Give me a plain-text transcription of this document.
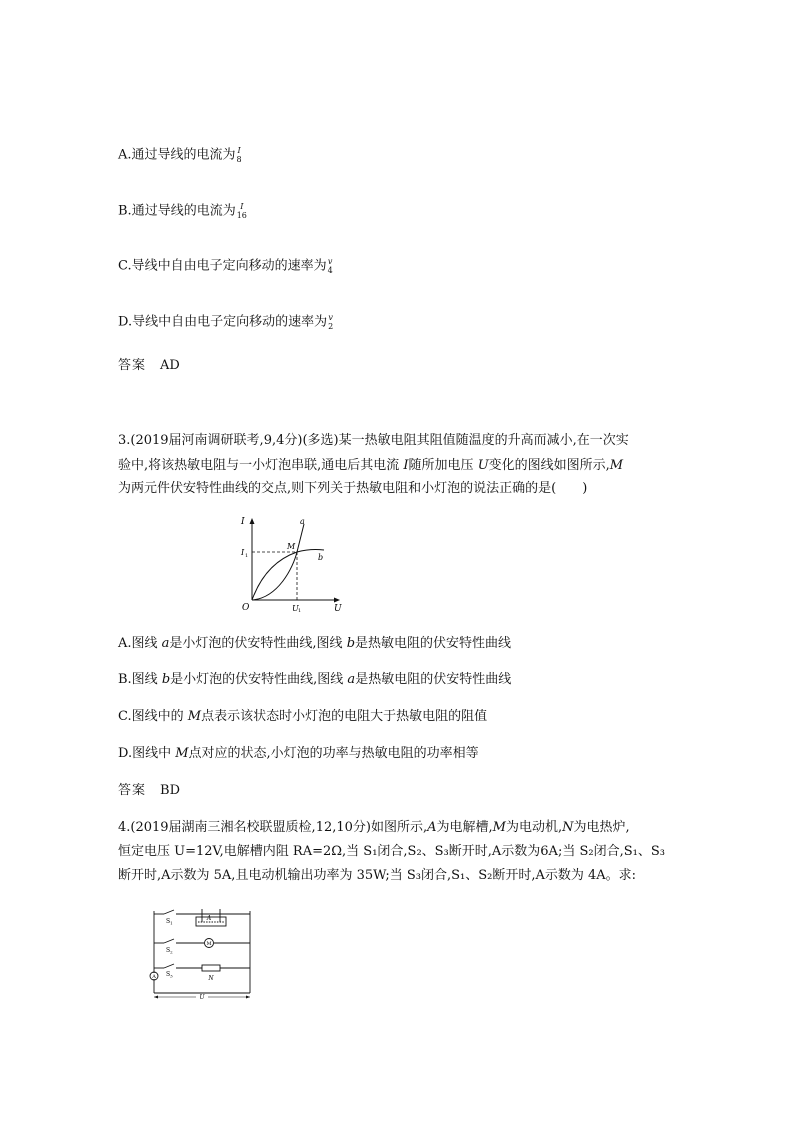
A.通过导线的电流为 I
8
B.通过导线的电流为 I
16
C.导线中自由电子定向移动的速率为 v
4
D.导线中自由电子定向移动的速率为 v
2
答案 AD
3.(2019届河南调研联考,9,4分)(多选)某一热敏电阻其阻值随温度的升高而减小,在一次实
验中,将该热敏电阻与一小灯泡串联,通电后其电流 I随所加电压 U变化的图线如图所示,M
为两元件伏安特性曲线的交点,则下列关于热敏电阻和小灯泡的说法正确的是(　　)
I
U
O
a
b
M
I 1
U 1
A.图线 a是小灯泡的伏安特性曲线,图线 b是热敏电阻的伏安特性曲线
B.图线 b是小灯泡的伏安特性曲线,图线 a是热敏电阻的伏安特性曲线
C.图线中的 M点表示该状态时小灯泡的电阻大于热敏电阻的阻值
D.图线中 M点对应的状态,小灯泡的功率与热敏电阻的功率相等
答案 BD
4.(2019届湖南三湘名校联盟质检,12,10分)如图所示,A为电解槽,M为电动机,N为电热炉,
恒定电压 U=12V,电解槽内阻 RA=2Ω,当 S₁闭合,S₂、S₃断开时,A示数为6A;当 S₂闭合,S₁、S₃
断开时,A示数为 5A,且电动机输出功率为 35W;当 S₃闭合,S₁、S₂断开时,A示数为 4A。求:
$S_1$
$S_2$
$S_3$
A
M
N
A
U
